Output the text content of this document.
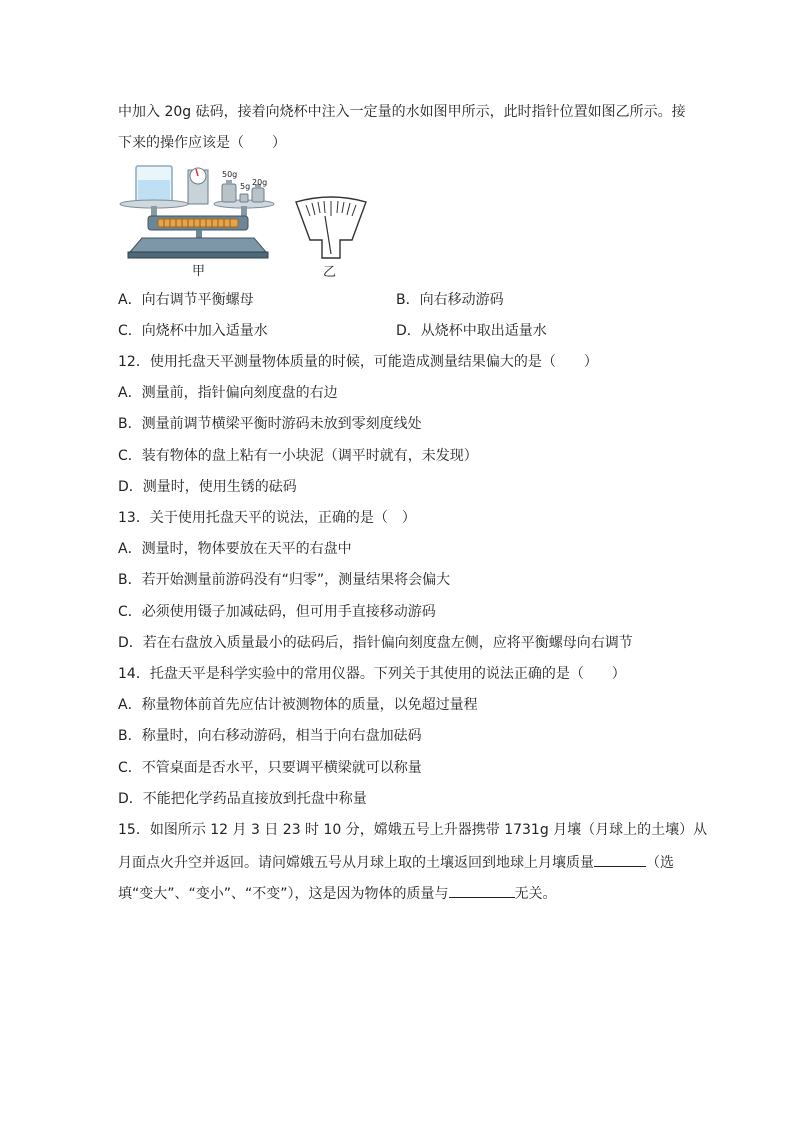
中加入 20g 砝码，接着向烧杯中注入一定量的水如图甲所示，此时指针位置如图乙所示。接
下来的操作应该是（　　）
50g
5g 20g
甲	乙
A．向右调节平衡螺母	B．向右移动游码
C．向烧杯中加入适量水	D．从烧杯中取出适量水
12．使用托盘天平测量物体质量的时候，可能造成测量结果偏大的是（　　）
A．测量前，指针偏向刻度盘的右边
B．测量前调节横梁平衡时游码未放到零刻度线处
C．装有物体的盘上粘有一小块泥（调平时就有，未发现）
D．测量时，使用生锈的砝码
13．关于使用托盘天平的说法，正确的是（　）
A．测量时，物体要放在天平的右盘中
B．若开始测量前游码没有“归零”，测量结果将会偏大
C．必须使用镊子加减砝码，但可用手直接移动游码
D．若在右盘放入质量最小的砝码后，指针偏向刻度盘左侧，应将平衡螺母向右调节
14．托盘天平是科学实验中的常用仪器。下列关于其使用的说法正确的是（　　）
A．称量物体前首先应估计被测物体的质量，以免超过量程
B．称量时，向右移动游码，相当于向右盘加砝码
C．不管桌面是否水平，只要调平横梁就可以称量
D．不能把化学药品直接放到托盘中称量
15．如图所示 12 月 3 日 23 时 10 分，嫦娥五号上升器携带 1731g 月壤（月球上的土壤）从
月面点火升空并返回。请问嫦娥五号从月球上取的土壤返回到地球上月壤质量	（选
填“变大”、“变小”、“不变”），这是因为物体的质量与	无关。
